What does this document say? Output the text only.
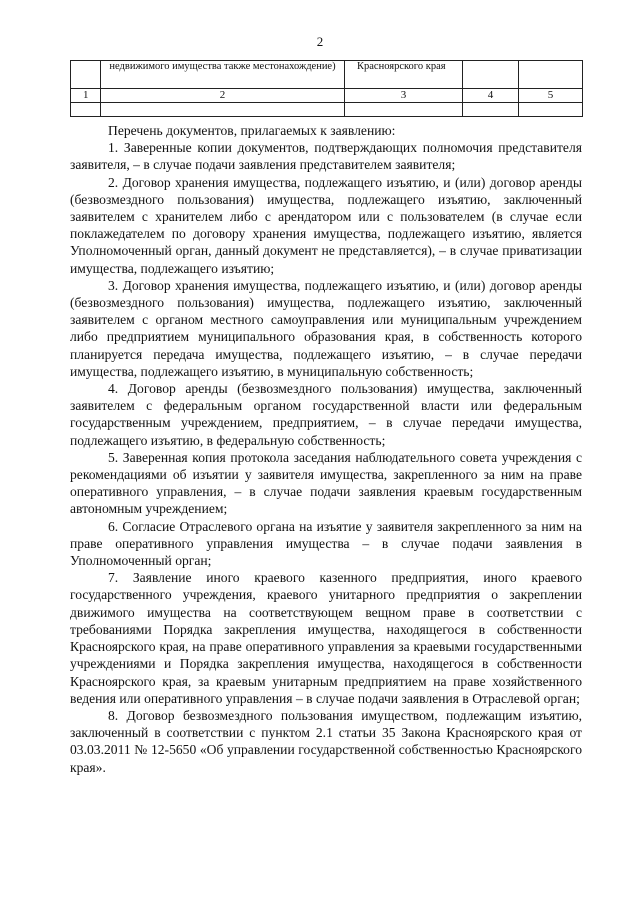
2
	недвижимого имущества также местонахождение)	Красноярского края		
1	2	3	4	5

Перечень документов, прилагаемых к заявлению:

1. Заверенные копии документов, подтверждающих полномочия представителя заявителя, – в случае подачи заявления представителем заявителя;

2. Договор хранения имущества, подлежащего изъятию, и (или) договор аренды (безвозмездного пользования) имущества, подлежащего изъятию, заключенный заявителем с хранителем либо с арендатором или с пользователем (в случае если поклажедателем по договору хранения имущества, подлежащего изъятию, является Уполномоченный орган, данный документ не представляется), – в случае приватизации имущества, подлежащего изъятию;

3. Договор хранения имущества, подлежащего изъятию, и (или) договор аренды (безвозмездного пользования) имущества, подлежащего изъятию, заключенный заявителем с органом местного самоуправления или муниципальным учреждением либо предприятием муниципального образования края, в собственность которого планируется передача имущества, подлежащего изъятию, – в случае передачи имущества, подлежащего изъятию, в муниципальную собственность;

4. Договор аренды (безвозмездного пользования) имущества, заключенный заявителем с федеральным органом государственной власти или федеральным государственным учреждением, предприятием, – в случае передачи имущества, подлежащего изъятию, в федеральную собственность;

5. Заверенная копия протокола заседания наблюдательного совета учреждения с рекомендациями об изъятии у заявителя имущества, закрепленного за ним на праве оперативного управления, – в случае подачи заявления краевым государственным автономным учреждением;

6. Согласие Отраслевого органа на изъятие у заявителя закрепленного за ним на праве оперативного управления имущества – в случае подачи заявления в Уполномоченный орган;

7. Заявление иного краевого казенного предприятия, иного краевого государственного учреждения, краевого унитарного предприятия о закреплении движимого имущества на соответствующем вещном праве в соответствии с требованиями Порядка закрепления имущества, находящегося в собственности Красноярского края, на праве оперативного управления за краевыми государственными учреждениями и Порядка закрепления имущества, находящегося в собственности Красноярского края, за краевым унитарным предприятием на праве хозяйственного ведения или оперативного управления – в случае подачи заявления в Отраслевой орган;

8. Договор безвозмездного пользования имуществом, подлежащим изъятию, заключенный в соответствии с пунктом 2.1 статьи 35 Закона Красноярского края от 03.03.2011 № 12-5650 «Об управлении государственной собственностью Красноярского края».
